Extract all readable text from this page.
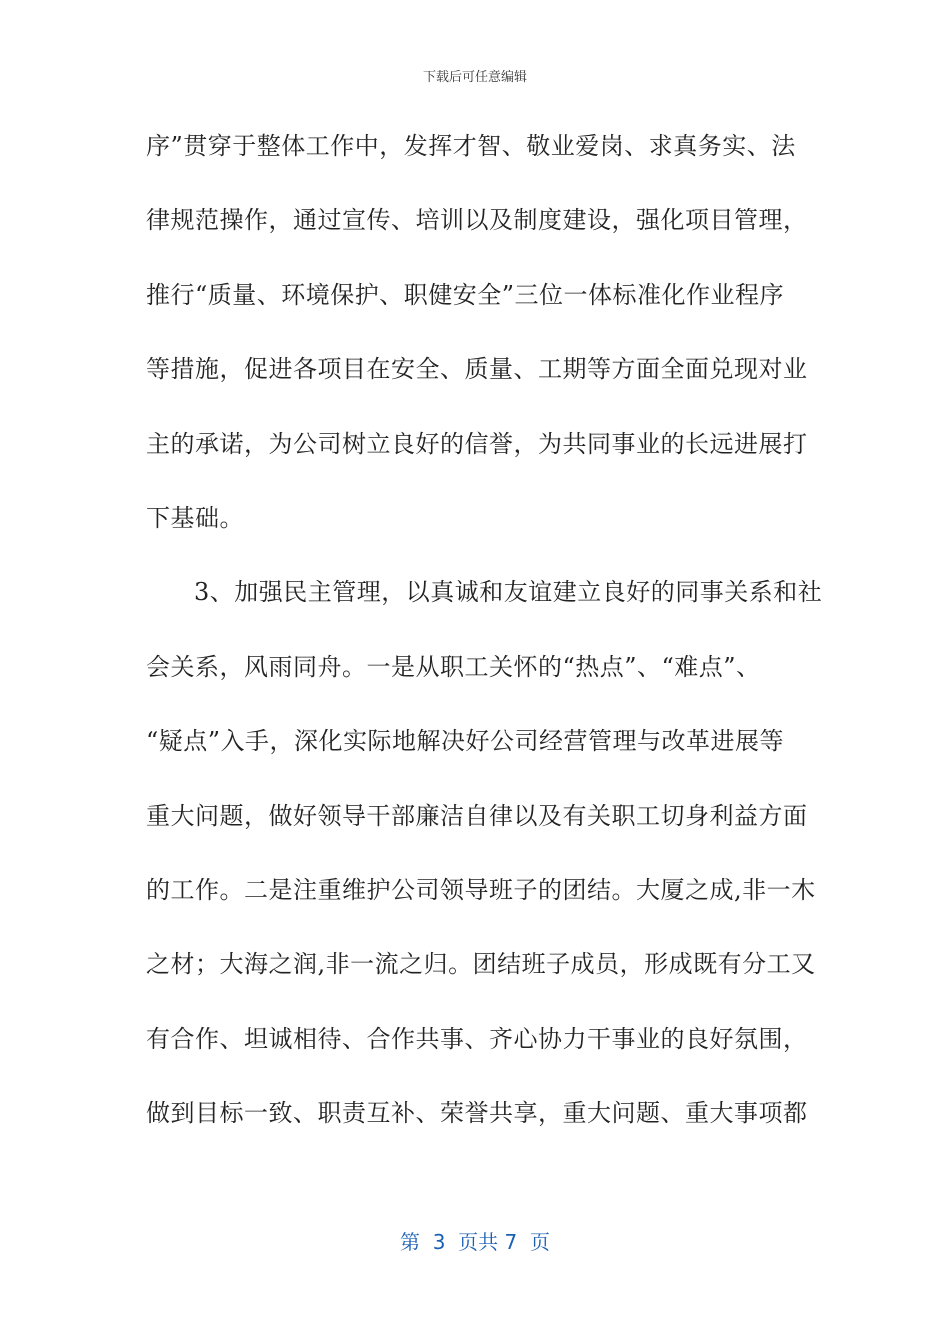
下载后可任意编辑
序”贯穿于整体工作中，发挥才智、敬业爱岗、求真务实、法
律规范操作，通过宣传、培训以及制度建设，强化项目管理，
推行“质量、环境保护、职健安全”三位一体标准化作业程序
等措施，促进各项目在安全、质量、工期等方面全面兑现对业
主的承诺，为公司树立良好的信誉，为共同事业的长远进展打
下基础。
3、加强民主管理，以真诚和友谊建立良好的同事关系和社
会关系，风雨同舟。一是从职工关怀的“热点”、“难点”、
“疑点”入手，深化实际地解决好公司经营管理与改革进展等
重大问题，做好领导干部廉洁自律以及有关职工切身利益方面
的工作。二是注重维护公司领导班子的团结。大厦之成,非一木
之材；大海之润,非一流之归。团结班子成员，形成既有分工又
有合作、坦诚相待、合作共事、齐心协力干事业的良好氛围，
做到目标一致、职责互补、荣誉共享，重大问题、重大事项都
第  3  页共 7  页
